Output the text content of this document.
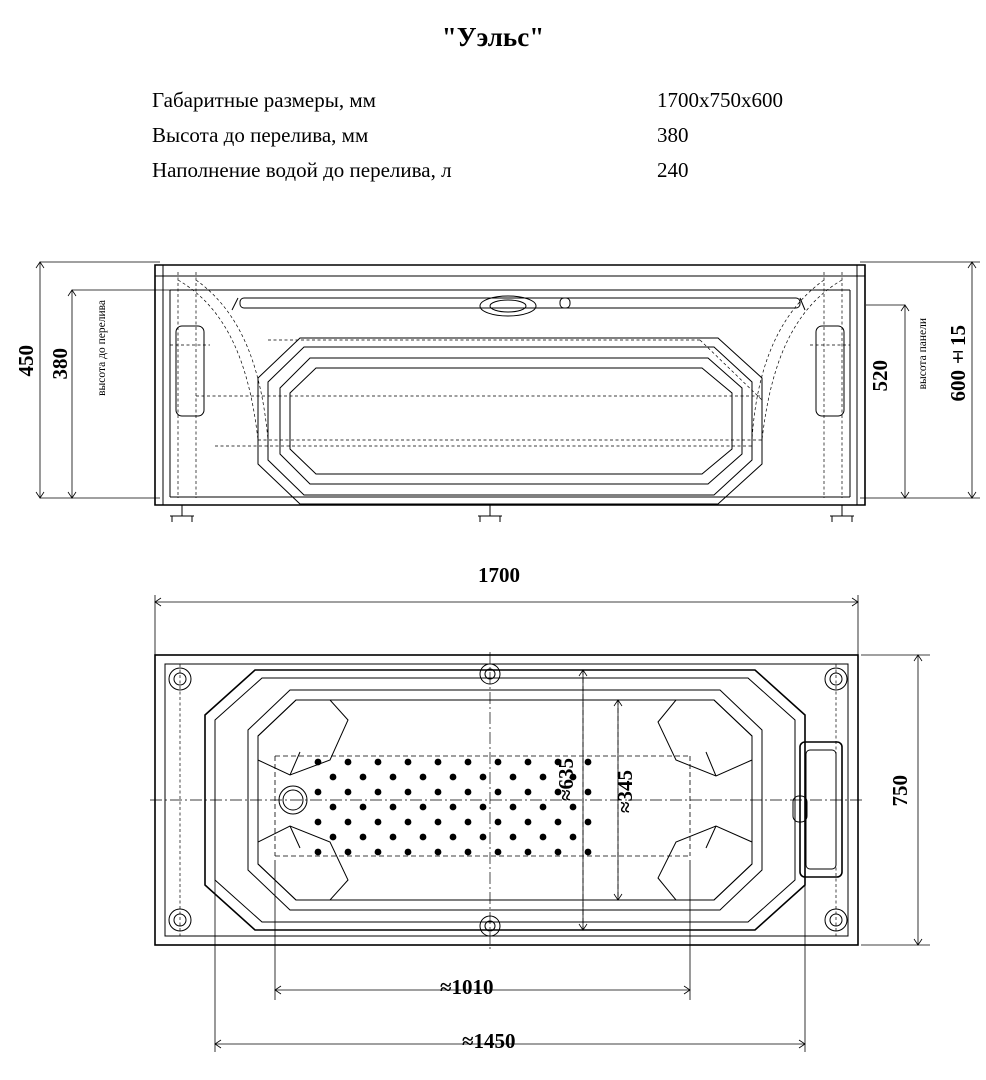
"Уэльс"
Габаритные размеры, мм	1700x750x600
Высота до перелива, мм	380
Наполнение водой до перелива, л	240
450 380 высота до перелива	520 высота панели 600±15
1700
750
≈635 ≈345
≈1010
≈1450
